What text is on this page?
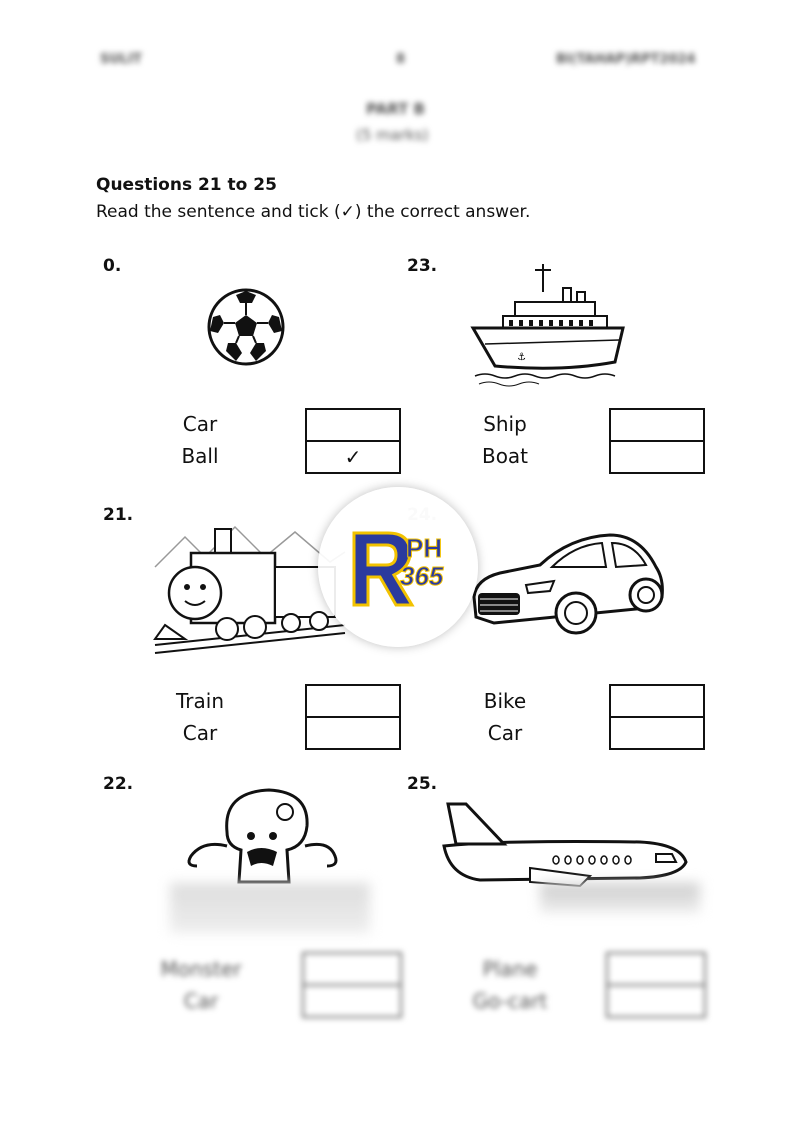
SULIT	8	BI(TAHAP)RPT2024
PART B
(5 marks)
Questions 21 to 25
Read the sentence and tick (✓) the correct answer.
0.
Car
Ball	✓
23.
⚓
Ship
Boat
21.
Train
Car
Bike
Car
PH
365
22.
Monster
Car
25.
Plane
Go-cart
